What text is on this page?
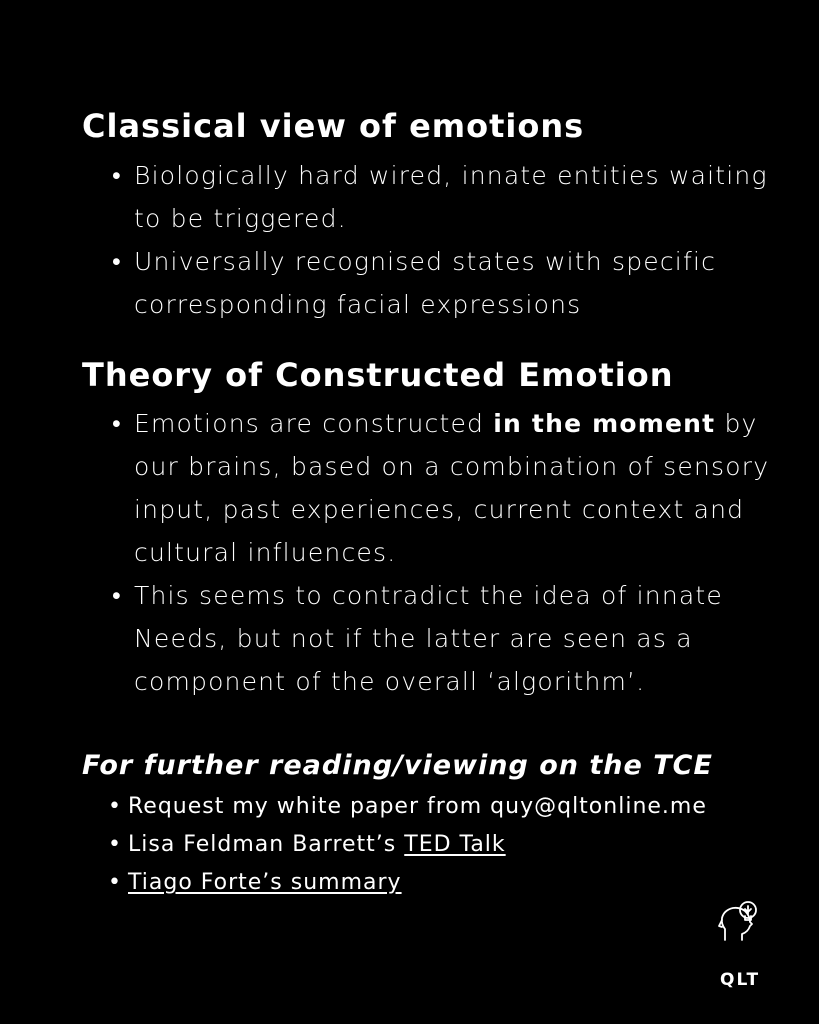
Classical view of emotions
• Biologically hard wired, innate entities waiting to be triggered.
• Universally recognised states with specific corresponding facial expressions
Theory of Constructed Emotion
• Emotions are constructed in the moment by our brains, based on a combination of sensory input, past experiences, current context and cultural influences.
• This seems to contradict the idea of innate Needs, but not if the latter are seen as a component of the overall ‘algorithm’.
For further reading/viewing on the TCE
• Request my white paper from quy@qltonline.me
• Lisa Feldman Barrett’s TED Talk
• Tiago Forte’s summary
QLT
